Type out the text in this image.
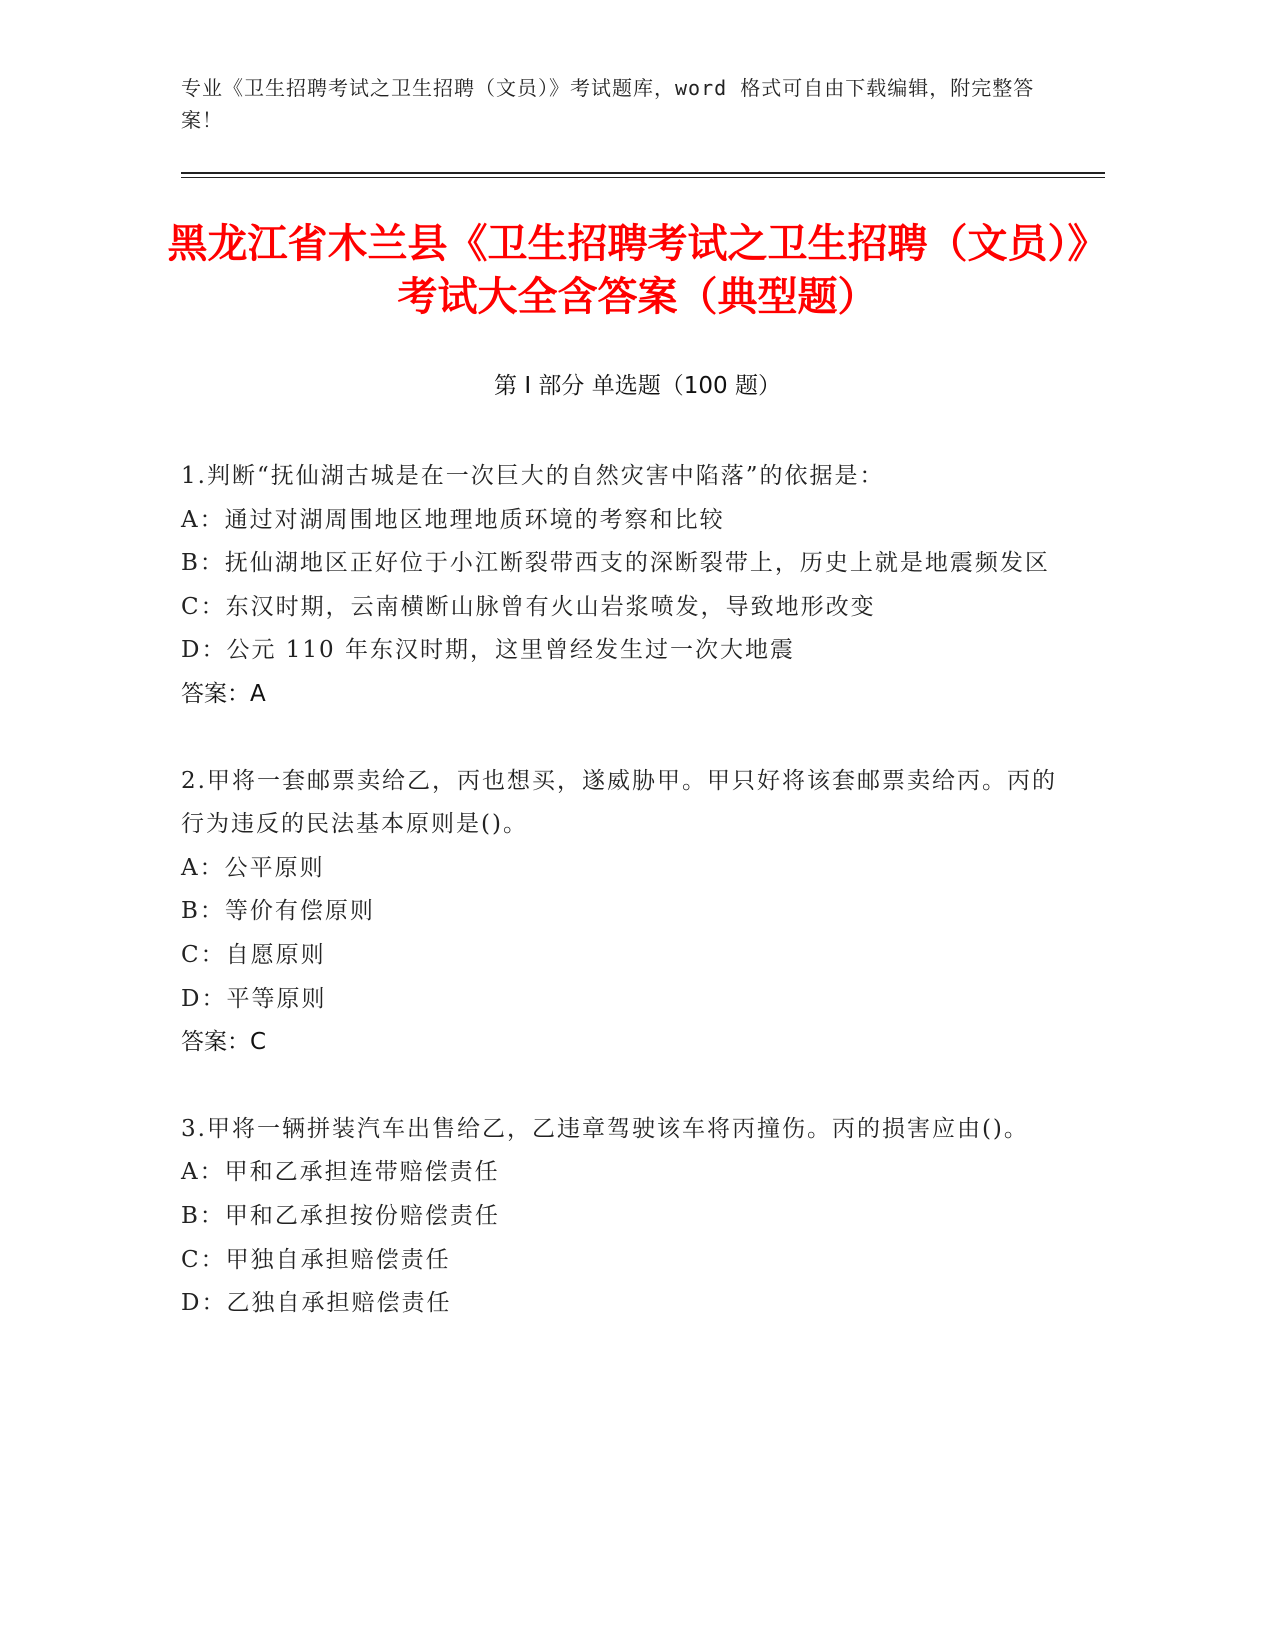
专业《卫生招聘考试之卫生招聘（文员）》考试题库，word 格式可自由下载编辑，附完整答案！
黑龙江省木兰县《卫生招聘考试之卫生招聘（文员）》考试大全含答案（典型题）
第 I 部分 单选题（100 题）
1.判断“抚仙湖古城是在一次巨大的自然灾害中陷落”的依据是：
A：通过对湖周围地区地理地质环境的考察和比较
B：抚仙湖地区正好位于小江断裂带西支的深断裂带上，历史上就是地震频发区
C：东汉时期，云南横断山脉曾有火山岩浆喷发，导致地形改变
D：公元 110 年东汉时期，这里曾经发生过一次大地震
答案：A
2.甲将一套邮票卖给乙，丙也想买，遂威胁甲。甲只好将该套邮票卖给丙。丙的行为违反的民法基本原则是()。
A：公平原则
B：等价有偿原则
C：自愿原则
D：平等原则
答案：C
3.甲将一辆拼装汽车出售给乙，乙违章驾驶该车将丙撞伤。丙的损害应由()。
A：甲和乙承担连带赔偿责任
B：甲和乙承担按份赔偿责任
C：甲独自承担赔偿责任
D：乙独自承担赔偿责任
